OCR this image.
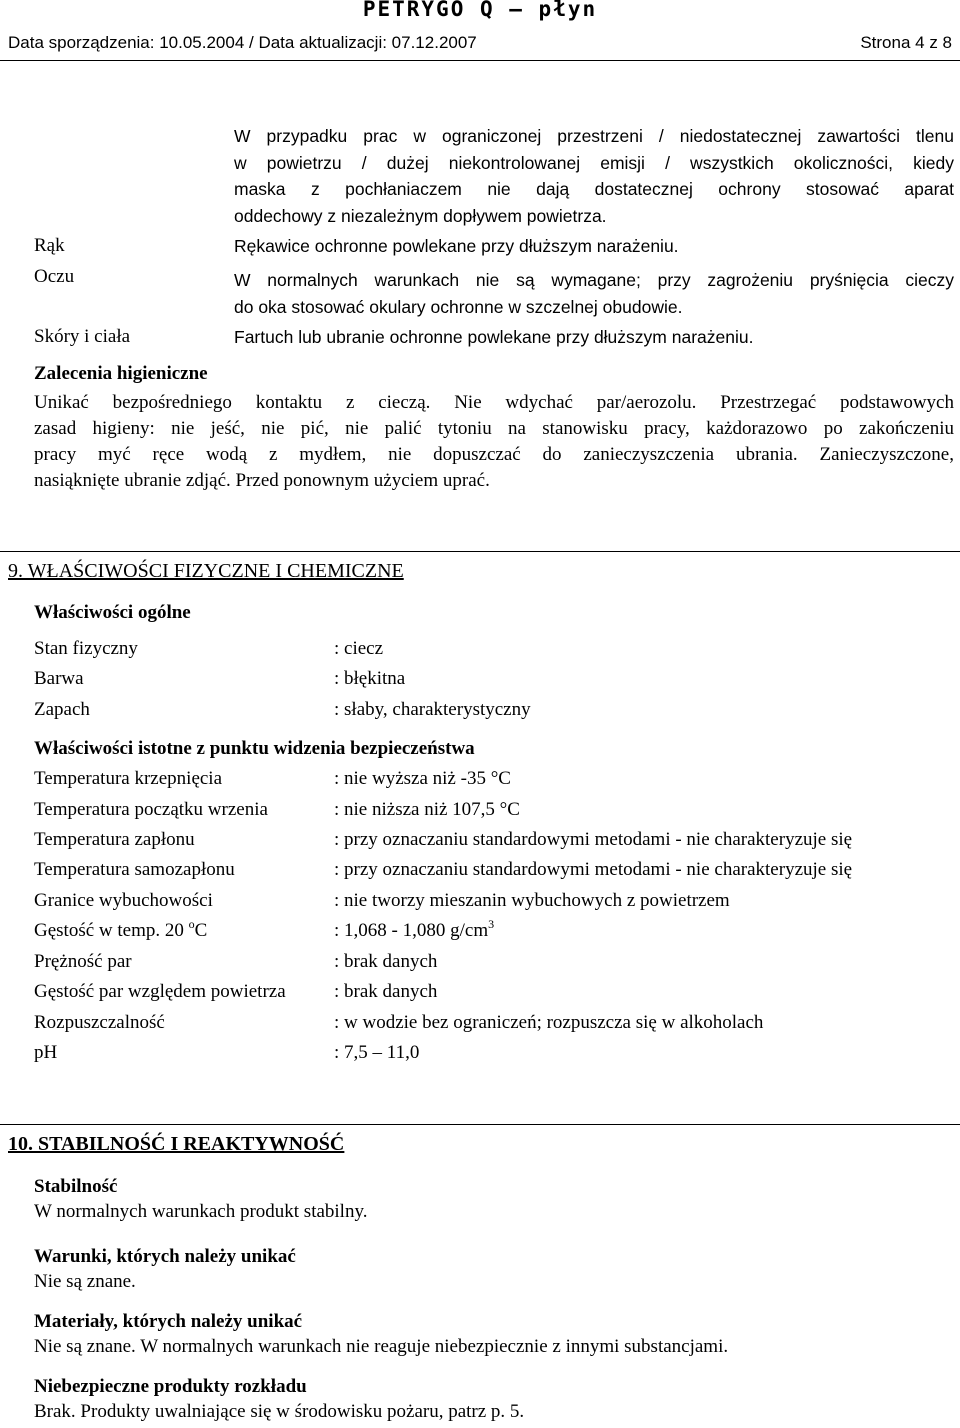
PETRYGO Q – płyn
Data sporządzenia: 10.05.2004 / Data aktualizacji: 07.12.2007	Strona 4 z 8
W przypadku prac w ograniczonej przestrzeni / niedostatecznej zawartości tlenu
w powietrzu / dużej niekontrolowanej emisji / wszystkich okoliczności, kiedy
maska z pochłaniaczem nie dają dostatecznej ochrony stosować aparat
oddechowy z niezależnym dopływem powietrza.
Rąk	Rękawice ochronne powlekane przy dłuższym narażeniu.
Oczu	W normalnych warunkach nie są wymagane; przy zagrożeniu pryśnięcia cieczy
do oka stosować okulary ochronne w szczelnej obudowie.
Skóry i ciała	Fartuch lub ubranie ochronne powlekane przy dłuższym narażeniu.
Zalecenia higieniczne
Unikać bezpośredniego kontaktu z cieczą. Nie wdychać par/aerozolu. Przestrzegać podstawowych
zasad higieny: nie jeść, nie pić, nie palić tytoniu na stanowisku pracy, każdorazowo po zakończeniu
pracy myć ręce wodą z mydłem, nie dopuszczać do zanieczyszczenia ubrania. Zanieczyszczone,
nasiąknięte ubranie zdjąć. Przed ponownym użyciem uprać.
9. WŁAŚCIWOŚCI FIZYCZNE I CHEMICZNE
Właściwości ogólne
Stan fizyczny	: ciecz
Barwa	: błękitna
Zapach	: słaby, charakterystyczny
Właściwości istotne z punktu widzenia bezpieczeństwa
Temperatura krzepnięcia	: nie wyższa niż -35 °C
Temperatura początku wrzenia	: nie niższa niż 107,5 °C
Temperatura zapłonu	: przy oznaczaniu standardowymi metodami - nie charakteryzuje się
Temperatura samozapłonu	: przy oznaczaniu standardowymi metodami - nie charakteryzuje się
Granice wybuchowości	: nie tworzy mieszanin wybuchowych z powietrzem
Gęstość w temp. 20 $^o$C	: 1,068 - 1,080 $g/cm^3$
Prężność par	: brak danych
Gęstość par względem powietrza	: brak danych
Rozpuszczalność	: w wodzie bez ograniczeń; rozpuszcza się w alkoholach
pH	: 7,5 – 11,0
10. STABILNOŚĆ I REAKTYWNOŚĆ
Stabilność
W normalnych warunkach produkt stabilny.
Warunki, których należy unikać
Nie są znane.
Materiały, których należy unikać
Nie są znane. W normalnych warunkach nie reaguje niebezpiecznie z innymi substancjami.
Niebezpieczne produkty rozkładu
Brak. Produkty uwalniające się w środowisku pożaru, patrz p. 5.
